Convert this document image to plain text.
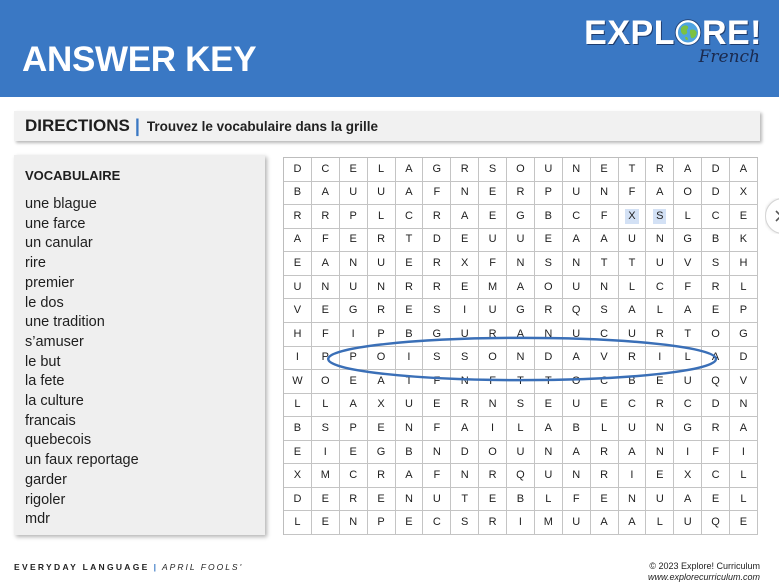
ANSWER KEY
EXPL RE!
French
DIRECTIONS | Trouvez le vocabulaire dans la grille
VOCABULAIRE
une blague
une farce
un canular
rire
premier
le dos
une tradition
s’amuser
le but
la fete
la culture
francais
quebecois
un faux reportage
garder
rigoler
mdr
D C E L A G R S O U N E T R A D A
B A U U A F N E R P U N F A O D X
R R P L C R A E G B C F X S L C E
A F E R T D E U U E A A U N G B K
E A N U E R X F N S N T T U V S H
U N U N R R E M A O U N L C F R L
V E G R E S I U G R Q S A L A E P
H F I P B G U R A N U C U R T O G
I P P O I S S O N D A V R I L A D
W O E A T F N F T T O C B E U Q V
L L A X U E R N S E U E C R C D N
B S P E N F A I L A B L U N G R A
E I E G B N D O U N A R A N I F I
X M C R A F N R Q U N R I E X C L
D E R E N U T E B L F E N U A E L
L E N P E C S R I M U A A L U Q E
EVERYDAY LANGUAGE | APRIL FOOLS'	© 2023 Explore! Curriculum
www.explorecurriculum.com
